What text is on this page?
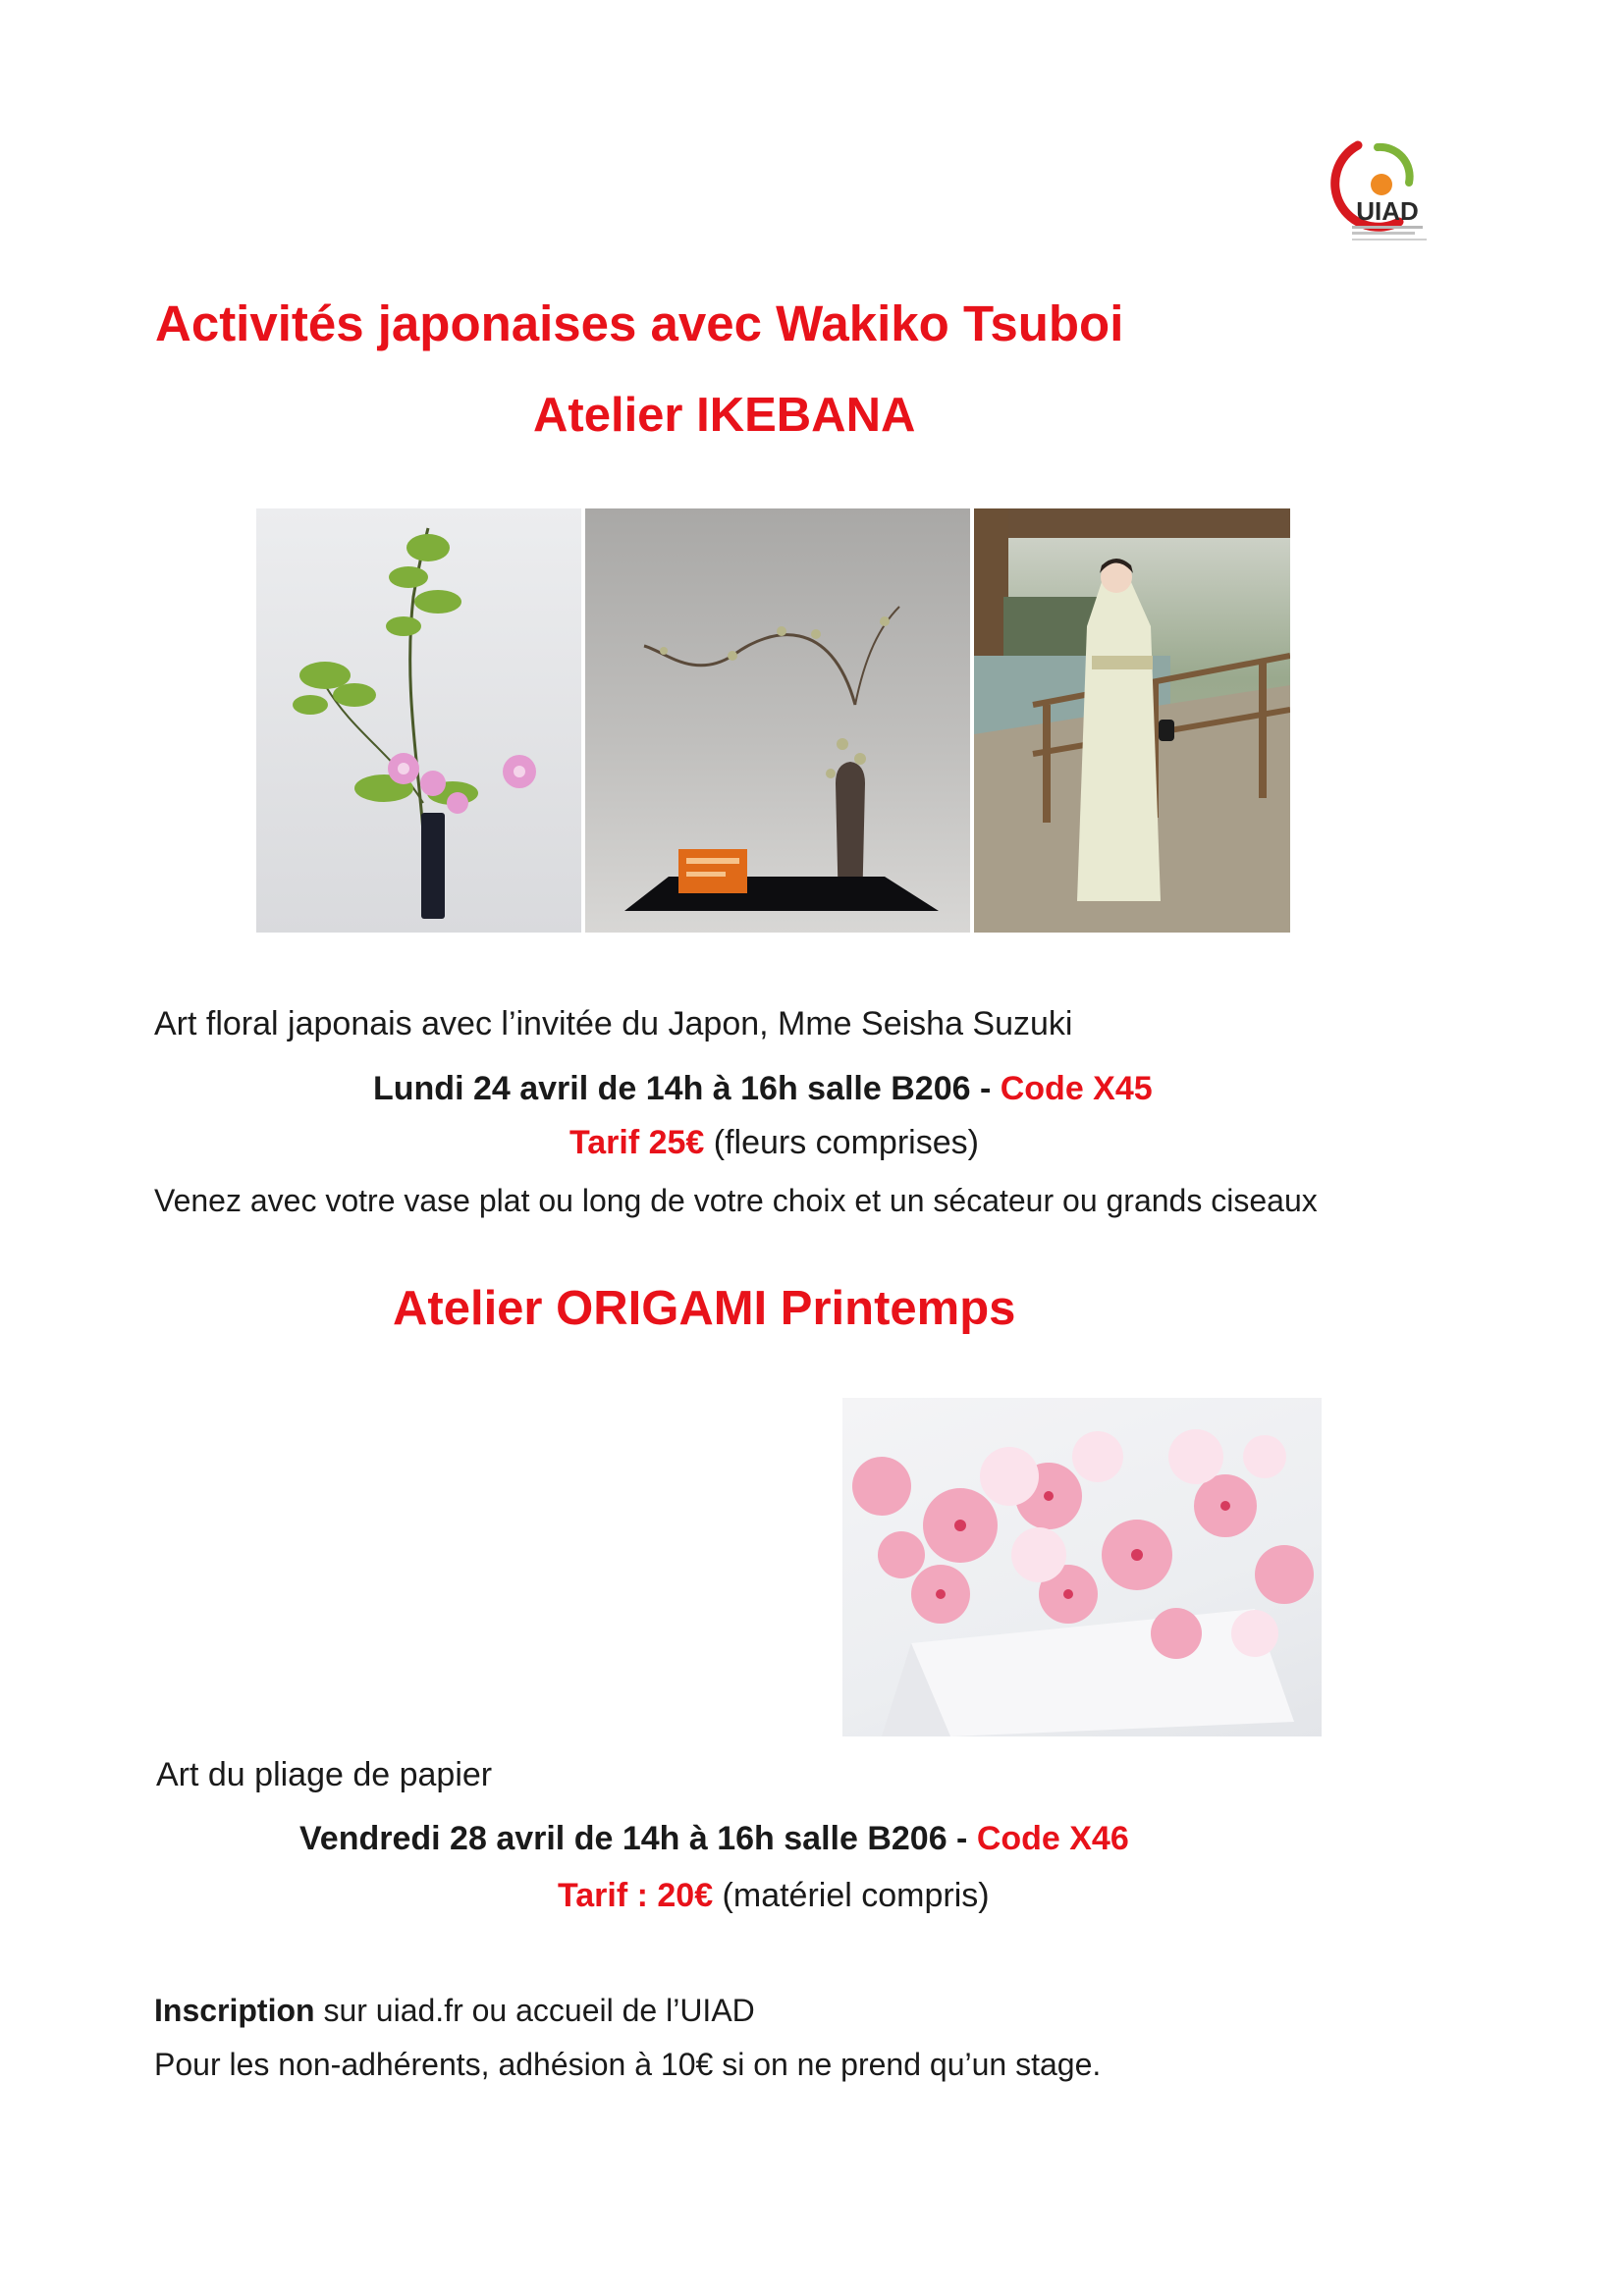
UIAD
Activités japonaises avec Wakiko Tsuboi
Atelier IKEBANA
Art floral japonais avec l’invitée du Japon, Mme Seisha Suzuki
Lundi 24 avril de 14h à 16h salle B206 - Code X45
Tarif 25€ (fleurs comprises)
Venez avec votre vase plat ou long de votre choix et un sécateur ou grands ciseaux
Atelier ORIGAMI Printemps
Art du pliage de papier
Vendredi 28 avril de 14h à 16h salle B206 - Code X46
Tarif : 20€ (matériel compris)
Inscription sur uiad.fr ou accueil de l’UIAD
Pour les non-adhérents, adhésion à 10€ si on ne prend qu’un stage.
